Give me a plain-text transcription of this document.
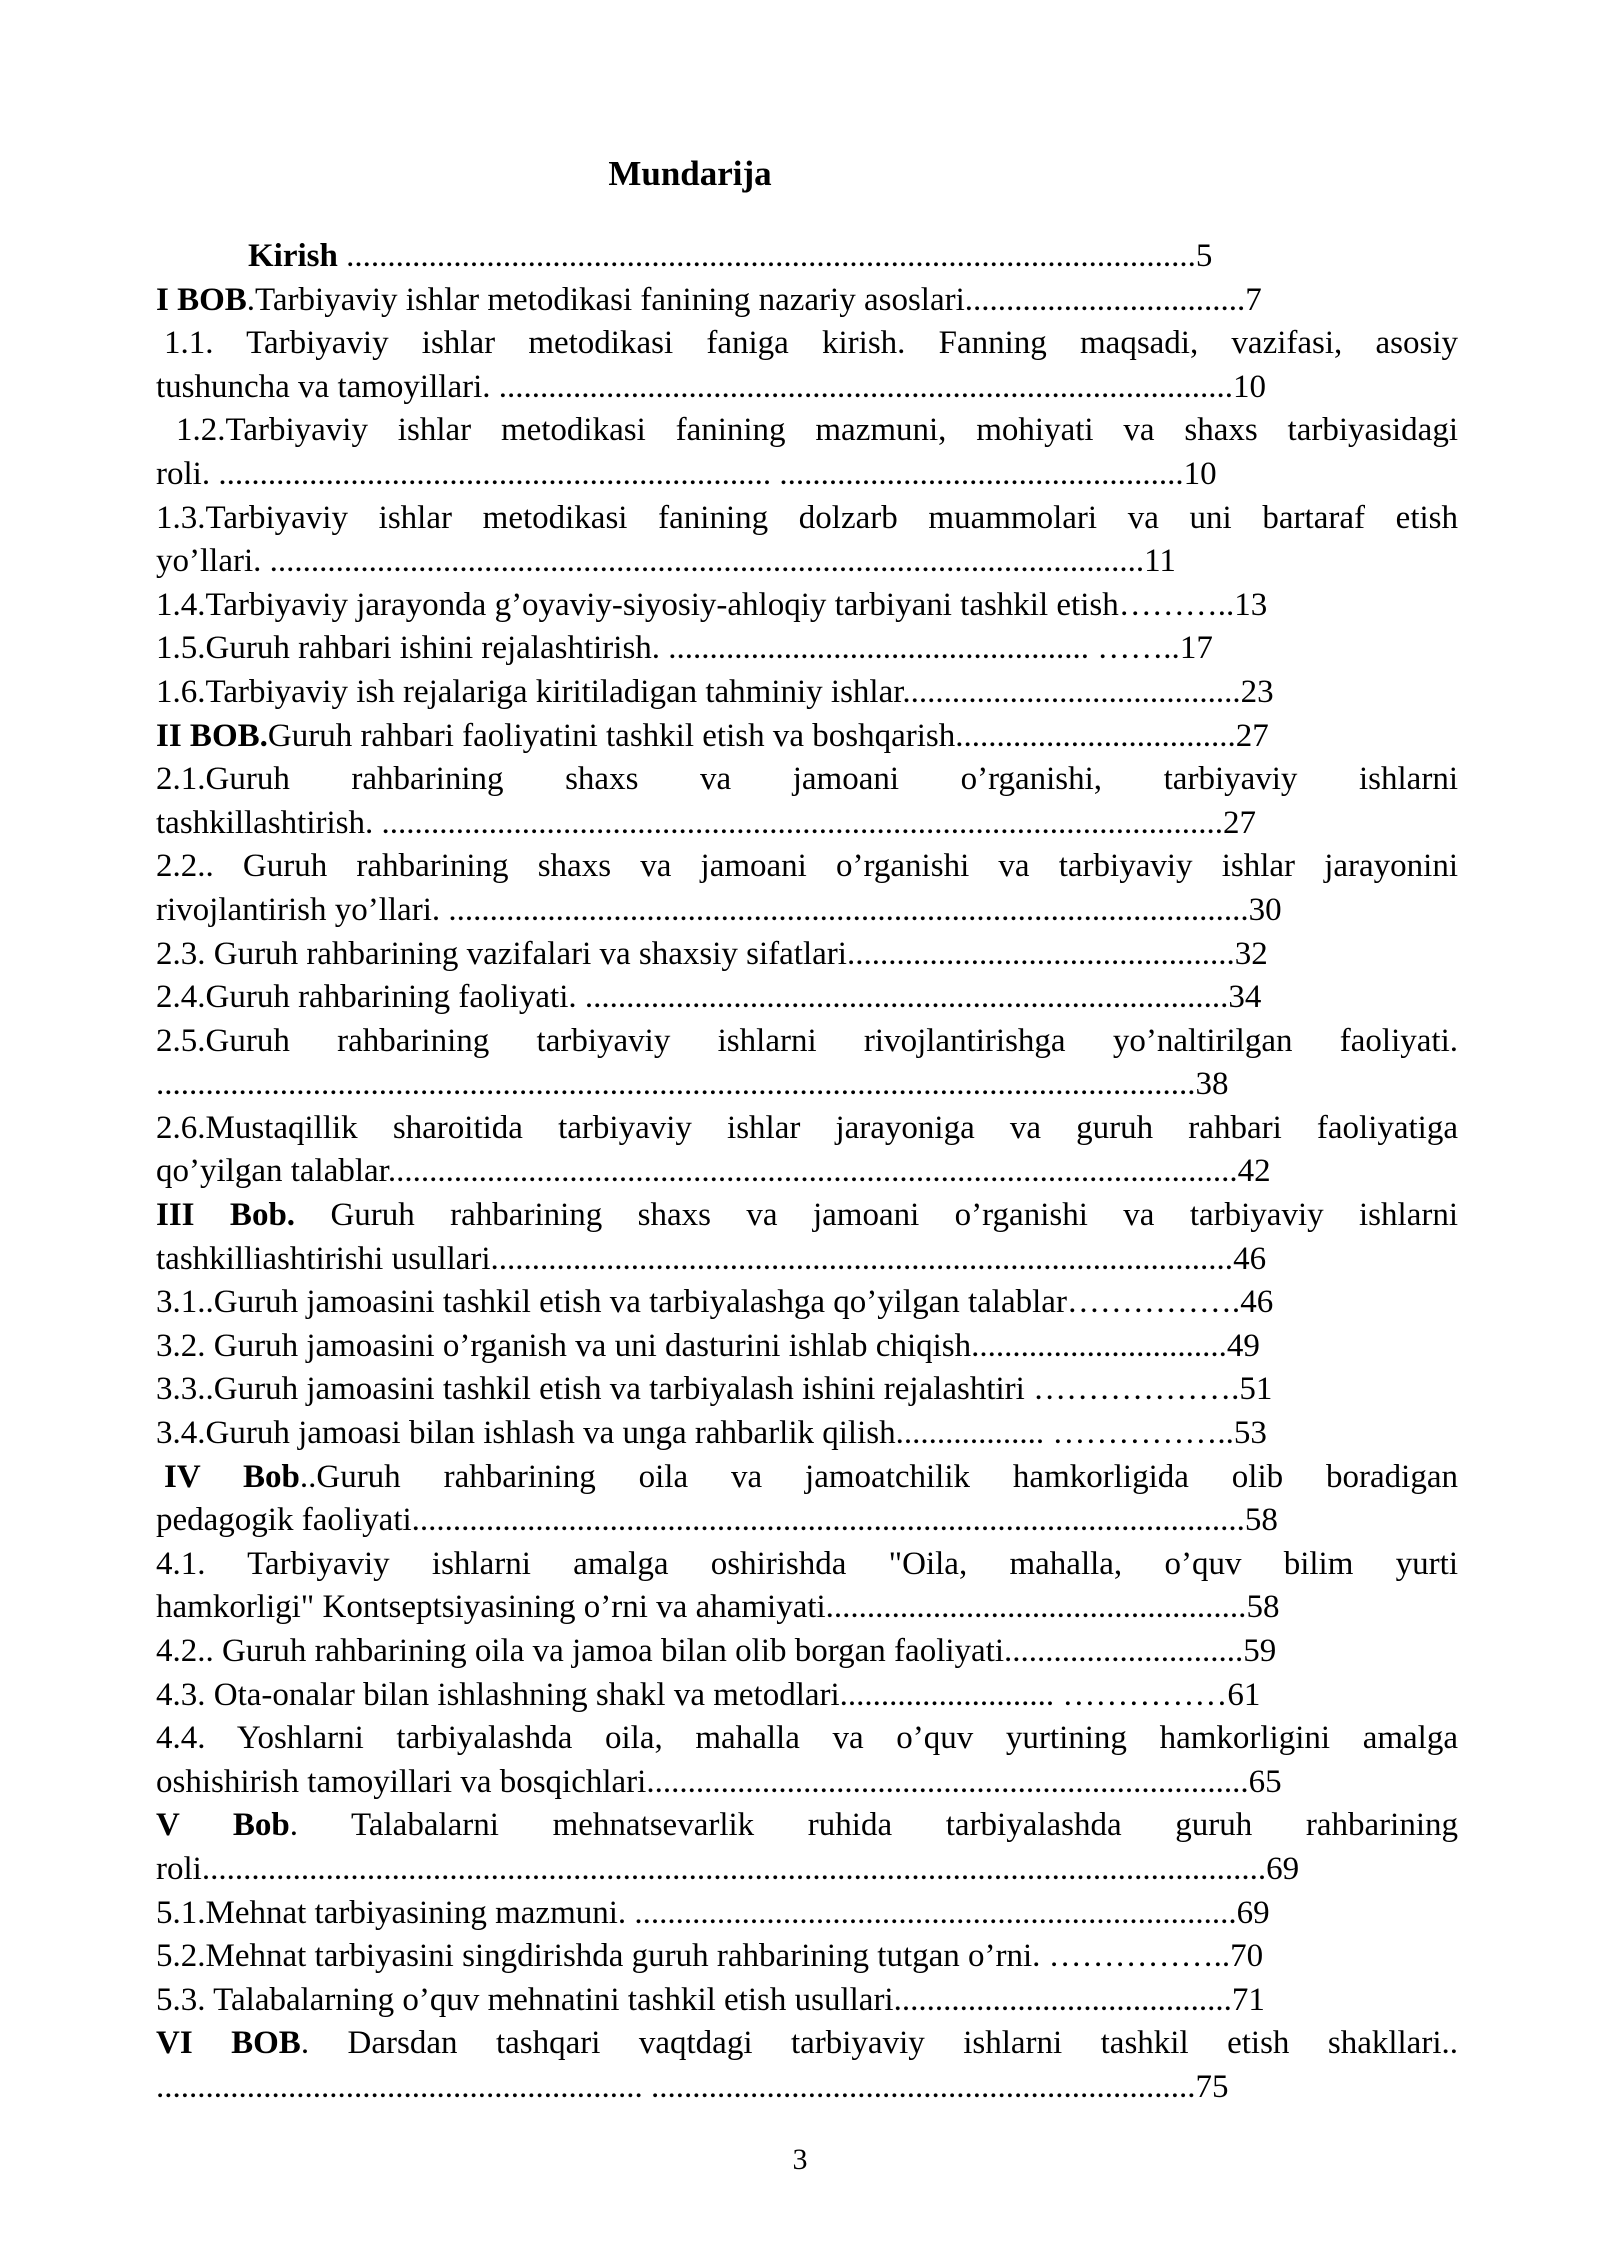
Mundarija
Kirish .......................................................................................................5
I BOB.Tarbiyaviy ishlar metodikasi fanining nazariy asoslari..................................7
1.1. Tarbiyaviy ishlar metodikasi faniga kirish. Fanning maqsadi, vazifasi, asosiy
tushuncha va tamoyillari. .........................................................................................10
1.2.Tarbiyaviy ishlar metodikasi fanining mazmuni, mohiyati va shaxs tarbiyasidagi
roli. ................................................................... .................................................10
1.3.Tarbiyaviy ishlar metodikasi fanining dolzarb muammolari va uni bartaraf etish
yo’llari. ..........................................................................................................11
1.4.Tarbiyaviy jarayonda g’oyaviy-siyosiy-ahloqiy tarbiyani tashkil etish………..13
1.5.Guruh rahbari ishini rejalashtirish. ................................................... ……..17
1.6.Tarbiyaviy ish rejalariga kiritiladigan tahminiy ishlar.........................................23
II BOB.Guruh rahbari faoliyatini tashkil etish va boshqarish..................................27
2.1.Guruh rahbarining shaxs va jamoani o’rganishi, tarbiyaviy ishlarni
tashkillashtirish. ......................................................................................................27
2.2.. Guruh rahbarining shaxs va jamoani o’rganishi va tarbiyaviy ishlar jarayonini
rivojlantirish yo’llari. .................................................................................................30
2.3. Guruh rahbarining vazifalari va shaxsiy sifatlari...............................................32
2.4.Guruh rahbarining faoliyati. ..............................................................................34
2.5.Guruh rahbarining tarbiyaviy ishlarni rivojlantirishga yo’naltirilgan faoliyati.
..............................................................................................................................38
2.6.Mustaqillik sharoitida tarbiyaviy ishlar jarayoniga va guruh rahbari faoliyatiga
qo’yilgan talablar.......................................................................................................42
III Bob. Guruh rahbarining shaxs va jamoani o’rganishi va tarbiyaviy ishlarni
tashkilliashtirishi usullari..........................................................................................46
3.1..Guruh jamoasini tashkil etish va tarbiyalashga qo’yilgan talablar…………….46
3.2. Guruh jamoasini o’rganish va uni dasturini ishlab chiqish...............................49
3.3..Guruh jamoasini tashkil etish va tarbiyalash ishini rejalashtiri ……………….51
3.4.Guruh jamoasi bilan ishlash va unga rahbarlik qilish.................. ……………..53
IV Bob..Guruh rahbarining oila va jamoatchilik hamkorligida olib boradigan
pedagogik faoliyati.....................................................................................................58
4.1. Tarbiyaviy ishlarni amalga oshirishda "Oila, mahalla, o’quv bilim yurti
hamkorligi" Kontseptsiyasining o’rni va ahamiyati...................................................58
4.2.. Guruh rahbarining oila va jamoa bilan olib borgan faoliyati.............................59
4.3. Ota-onalar bilan ishlashning shakl va metodlari.......................... ……………61
4.4. Yoshlarni tarbiyalashda oila, mahalla va o’quv yurtining hamkorligini amalga
oshishirish tamoyillari va bosqichlari.........................................................................65
V Bob. Talabalarni mehnatsevarlik ruhida tarbiyalashda guruh rahbarining
roli.................................................................................................................................69
5.1.Mehnat tarbiyasining mazmuni. .........................................................................69
5.2.Mehnat tarbiyasini singdirishda guruh rahbarining tutgan o’rni. ……………..70
5.3. Talabalarning o’quv mehnatini tashkil etish usullari.........................................71
VI BOB. Darsdan tashqari vaqtdagi tarbiyaviy ishlarni tashkil etish shakllari..
........................................................... ..................................................................75
3
